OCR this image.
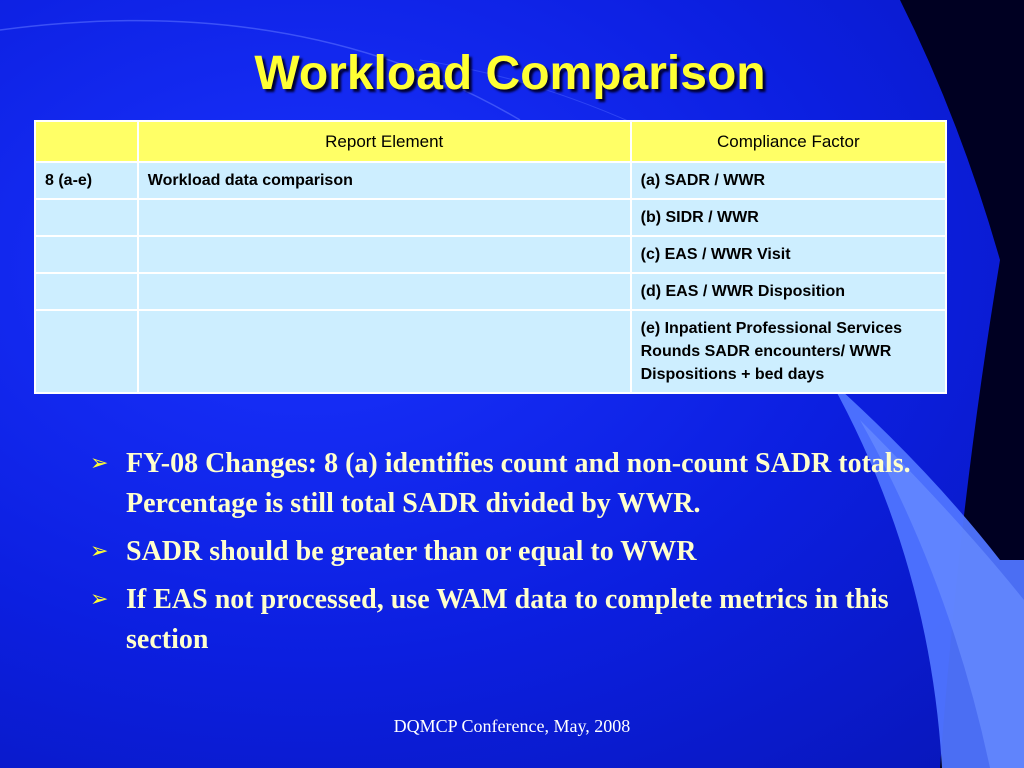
Workload Comparison
	Report Element	Compliance Factor
8 (a-e)	Workload data comparison	(a) SADR / WWR
		(b) SIDR / WWR
		(c) EAS / WWR Visit
		(d) EAS / WWR Disposition
		(e) Inpatient Professional Services Rounds SADR encounters/ WWR Dispositions + bed days
➢ FY-08 Changes: 8 (a) identifies count and non-count SADR totals. Percentage is still total SADR divided by WWR.
➢ SADR should be greater than or equal to WWR
➢ If EAS not processed, use WAM data to complete metrics in this section
DQMCP Conference, May, 2008
